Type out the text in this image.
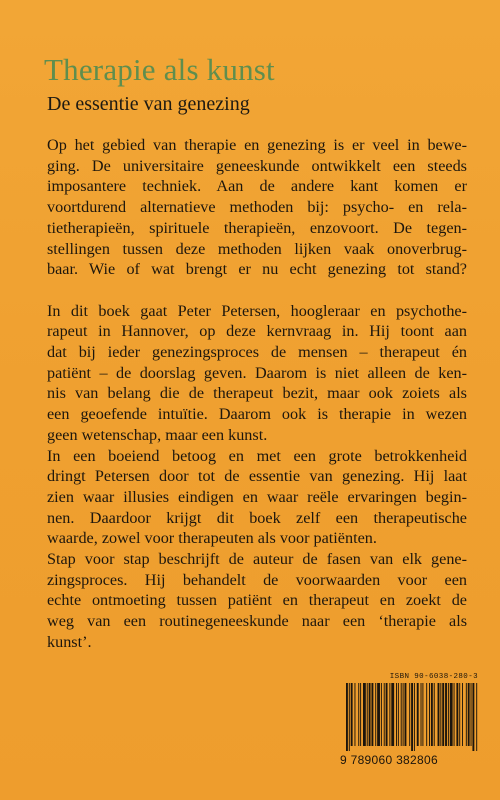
Therapie als kunst
De essentie van genezing
Op het gebied van therapie en genezing is er veel in bewe-
ging. De universitaire geneeskunde ontwikkelt een steeds
imposantere techniek. Aan de andere kant komen er
voortdurend alternatieve methoden bij: psycho- en rela-
tietherapieën, spirituele therapieën, enzovoort. De tegen-
stellingen tussen deze methoden lijken vaak onoverbrug-
baar. Wie of wat brengt er nu echt genezing tot stand?
In dit boek gaat Peter Petersen, hoogleraar en psychothe-
rapeut in Hannover, op deze kernvraag in. Hij toont aan
dat bij ieder genezingsproces de mensen – therapeut én
patiënt – de doorslag geven. Daarom is niet alleen de ken-
nis van belang die de therapeut bezit, maar ook zoiets als
een geoefende intuïtie. Daarom ook is therapie in wezen
geen wetenschap, maar een kunst.
In een boeiend betoog en met een grote betrokkenheid
dringt Petersen door tot de essentie van genezing. Hij laat
zien waar illusies eindigen en waar reële ervaringen begin-
nen. Daardoor krijgt dit boek zelf een therapeutische
waarde, zowel voor therapeuten als voor patiënten.
Stap voor stap beschrijft de auteur de fasen van elk gene-
zingsproces. Hij behandelt de voorwaarden voor een
echte ontmoeting tussen patiënt en therapeut en zoekt de
weg van een routinegeneeskunde naar een ‘therapie als
kunst’.
ISBN 90-6038-280-3
9 789060 382806
